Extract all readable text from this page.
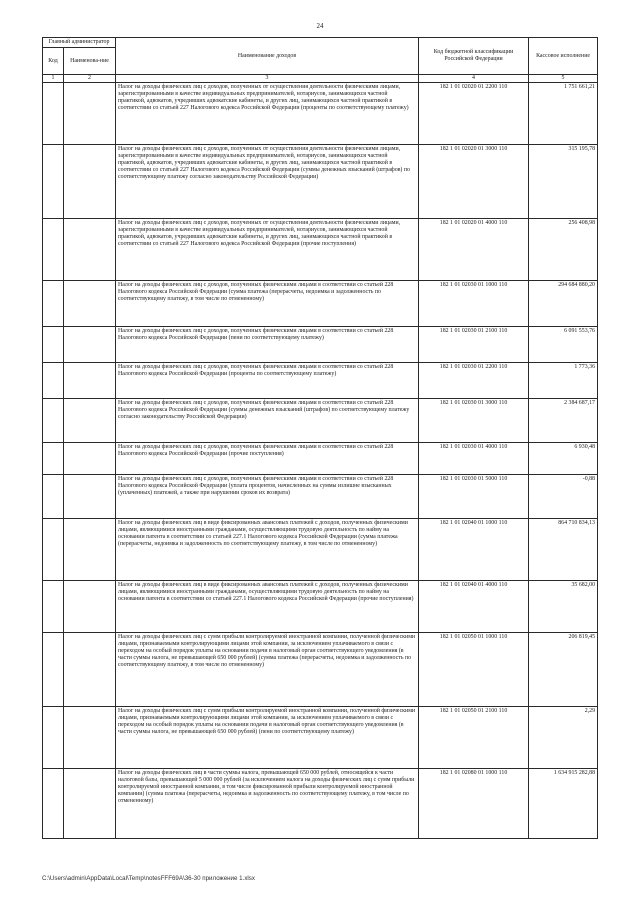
24
Главный администратор		Наименование доходов	Код бюджетной классификации Российской Федерации	Кассовое исполнение
Код	Наименова-ние			
1	2	3	4	5
		Налог на доходы физических лиц с доходов, полученных от осуществления деятельности физическими лицами, зарегистрированными в качестве индивидуальных предпринимателей, нотариусов, занимающихся частной практикой, адвокатов, учредивших адвокатские кабинеты, и других лиц, занимающихся частной практикой в соответствии со статьей 227 Налогового кодекса Российской Федерации (проценты по соответствующему платежу)	182 1 01 02020 01 2200 110	1 751 661,21
		Налог на доходы физических лиц с доходов, полученных от осуществления деятельности физическими лицами, зарегистрированными в качестве индивидуальных предпринимателей, нотариусов, занимающихся частной практикой, адвокатов, учредивших адвокатские кабинеты, и других лиц, занимающихся частной практикой в соответствии со статьей 227 Налогового кодекса Российской Федерации (суммы денежных взысканий (штрафов) по соответствующему платежу согласно законодательству Российской Федерации)	182 1 01 02020 01 3000 110	315 195,78
		Налог на доходы физических лиц с доходов, полученных от осуществления деятельности физическими лицами, зарегистрированными в качестве индивидуальных предпринимателей, нотариусов, занимающихся частной практикой, адвокатов, учредивших адвокатские кабинеты, и других лиц, занимающихся частной практикой в соответствии со статьей 227 Налогового кодекса Российской Федерации (прочие поступления)	182 1 01 02020 01 4000 110	256 408,98
		Налог на доходы физических лиц с доходов, полученных физическими лицами в соответствии со статьей 228 Налогового кодекса Российской Федерации (сумма платежа (перерасчеты, недоимка и задолженность по соответствующему платежу, в том числе по отмененному)	182 1 01 02030 01 1000 110	294 684 880,20
		Налог на доходы физических лиц с доходов, полученных физическими лицами в соответствии со статьей 228 Налогового кодекса Российской Федерации (пени по соответствующему платежу)	182 1 01 02030 01 2100 110	6 091 553,76
		Налог на доходы физических лиц с доходов, полученных физическими лицами в соответствии со статьей 228 Налогового кодекса Российской Федерации (проценты по соответствующему платежу)	182 1 01 02030 01 2200 110	1 773,36
		Налог на доходы физических лиц с доходов, полученных физическими лицами в соответствии со статьей 228 Налогового кодекса Российской Федерации (суммы денежных взысканий (штрафов) по соответствующему платежу согласно законодательству Российской Федерации)	182 1 01 02030 01 3000 110	2 384 687,17
		Налог на доходы физических лиц с доходов, полученных физическими лицами в соответствии со статьей 228 Налогового кодекса Российской Федерации (прочие поступления)	182 1 01 02030 01 4000 110	6 930,48
		Налог на доходы физических лиц с доходов, полученных физическими лицами в соответствии со статьей 228 Налогового кодекса Российской Федерации (уплата процентов, начисленных на суммы излишне взысканных (уплаченных) платежей, а также при нарушении сроков их возврата)	182 1 01 02030 01 5000 110	-0,88
		Налог на доходы физических лиц в виде фиксированных авансовых платежей с доходов, полученных физическими лицами, являющимися иностранными гражданами, осуществляющими трудовую деятельность по найму на основании патента в соответствии со статьей 227.1 Налогового кодекса Российской Федерации (сумма платежа (перерасчеты, недоимка и задолженность по соответствующему платежу, в том числе по отмененному)	182 1 01 02040 01 1000 110	864 710 834,13
		Налог на доходы физических лиц в виде фиксированных авансовых платежей с доходов, полученных физическими лицами, являющимися иностранными гражданами, осуществляющими трудовую деятельность по найму на основании патента в соответствии со статьей 227.1 Налогового кодекса Российской Федерации (прочие поступления)	182 1 01 02040 01 4000 110	35 682,00
		Налог на доходы физических лиц с сумм прибыли контролируемой иностранной компании, полученной физическими лицами, признаваемыми контролирующими лицами этой компании, за исключением уплачиваемого в связи с переходом на особый порядок уплаты на основании подачи в налоговый орган соответствующего уведомления (в части суммы налога, не превышающей 650 000 рублей) (сумма платежа (перерасчеты, недоимка и задолженность по соответствующему платежу, в том числе по отмененному)	182 1 01 02050 01 1000 110	206 819,45
		Налог на доходы физических лиц с сумм прибыли контролируемой иностранной компании, полученной физическими лицами, признаваемыми контролирующими лицами этой компании, за исключением уплачиваемого в связи с переходом на особый порядок уплаты на основании подачи в налоговый орган соответствующего уведомления (в части суммы налога, не превышающей 650 000 рублей) (пени по соответствующему платежу)	182 1 01 02050 01 2100 110	2,29
		Налог на доходы физических лиц в части суммы налога, превышающей 650 000 рублей, относящейся к части налоговой базы, превышающей 5 000 000 рублей (за исключением налога на доходы физических лиц с сумм прибыли контролируемой иностранной компании, в том числе фиксированной прибыли контролируемой иностранной компании) (сумма платежа (перерасчеты, недоимка и задолженность по соответствующему платежу, в том числе по отмененному)	182 1 01 02080 01 1000 110	1 634 915 282,88
C:\Users\admin\AppData\Local\Temp\notesFFF69A\36-30 приложение 1.xlsx
